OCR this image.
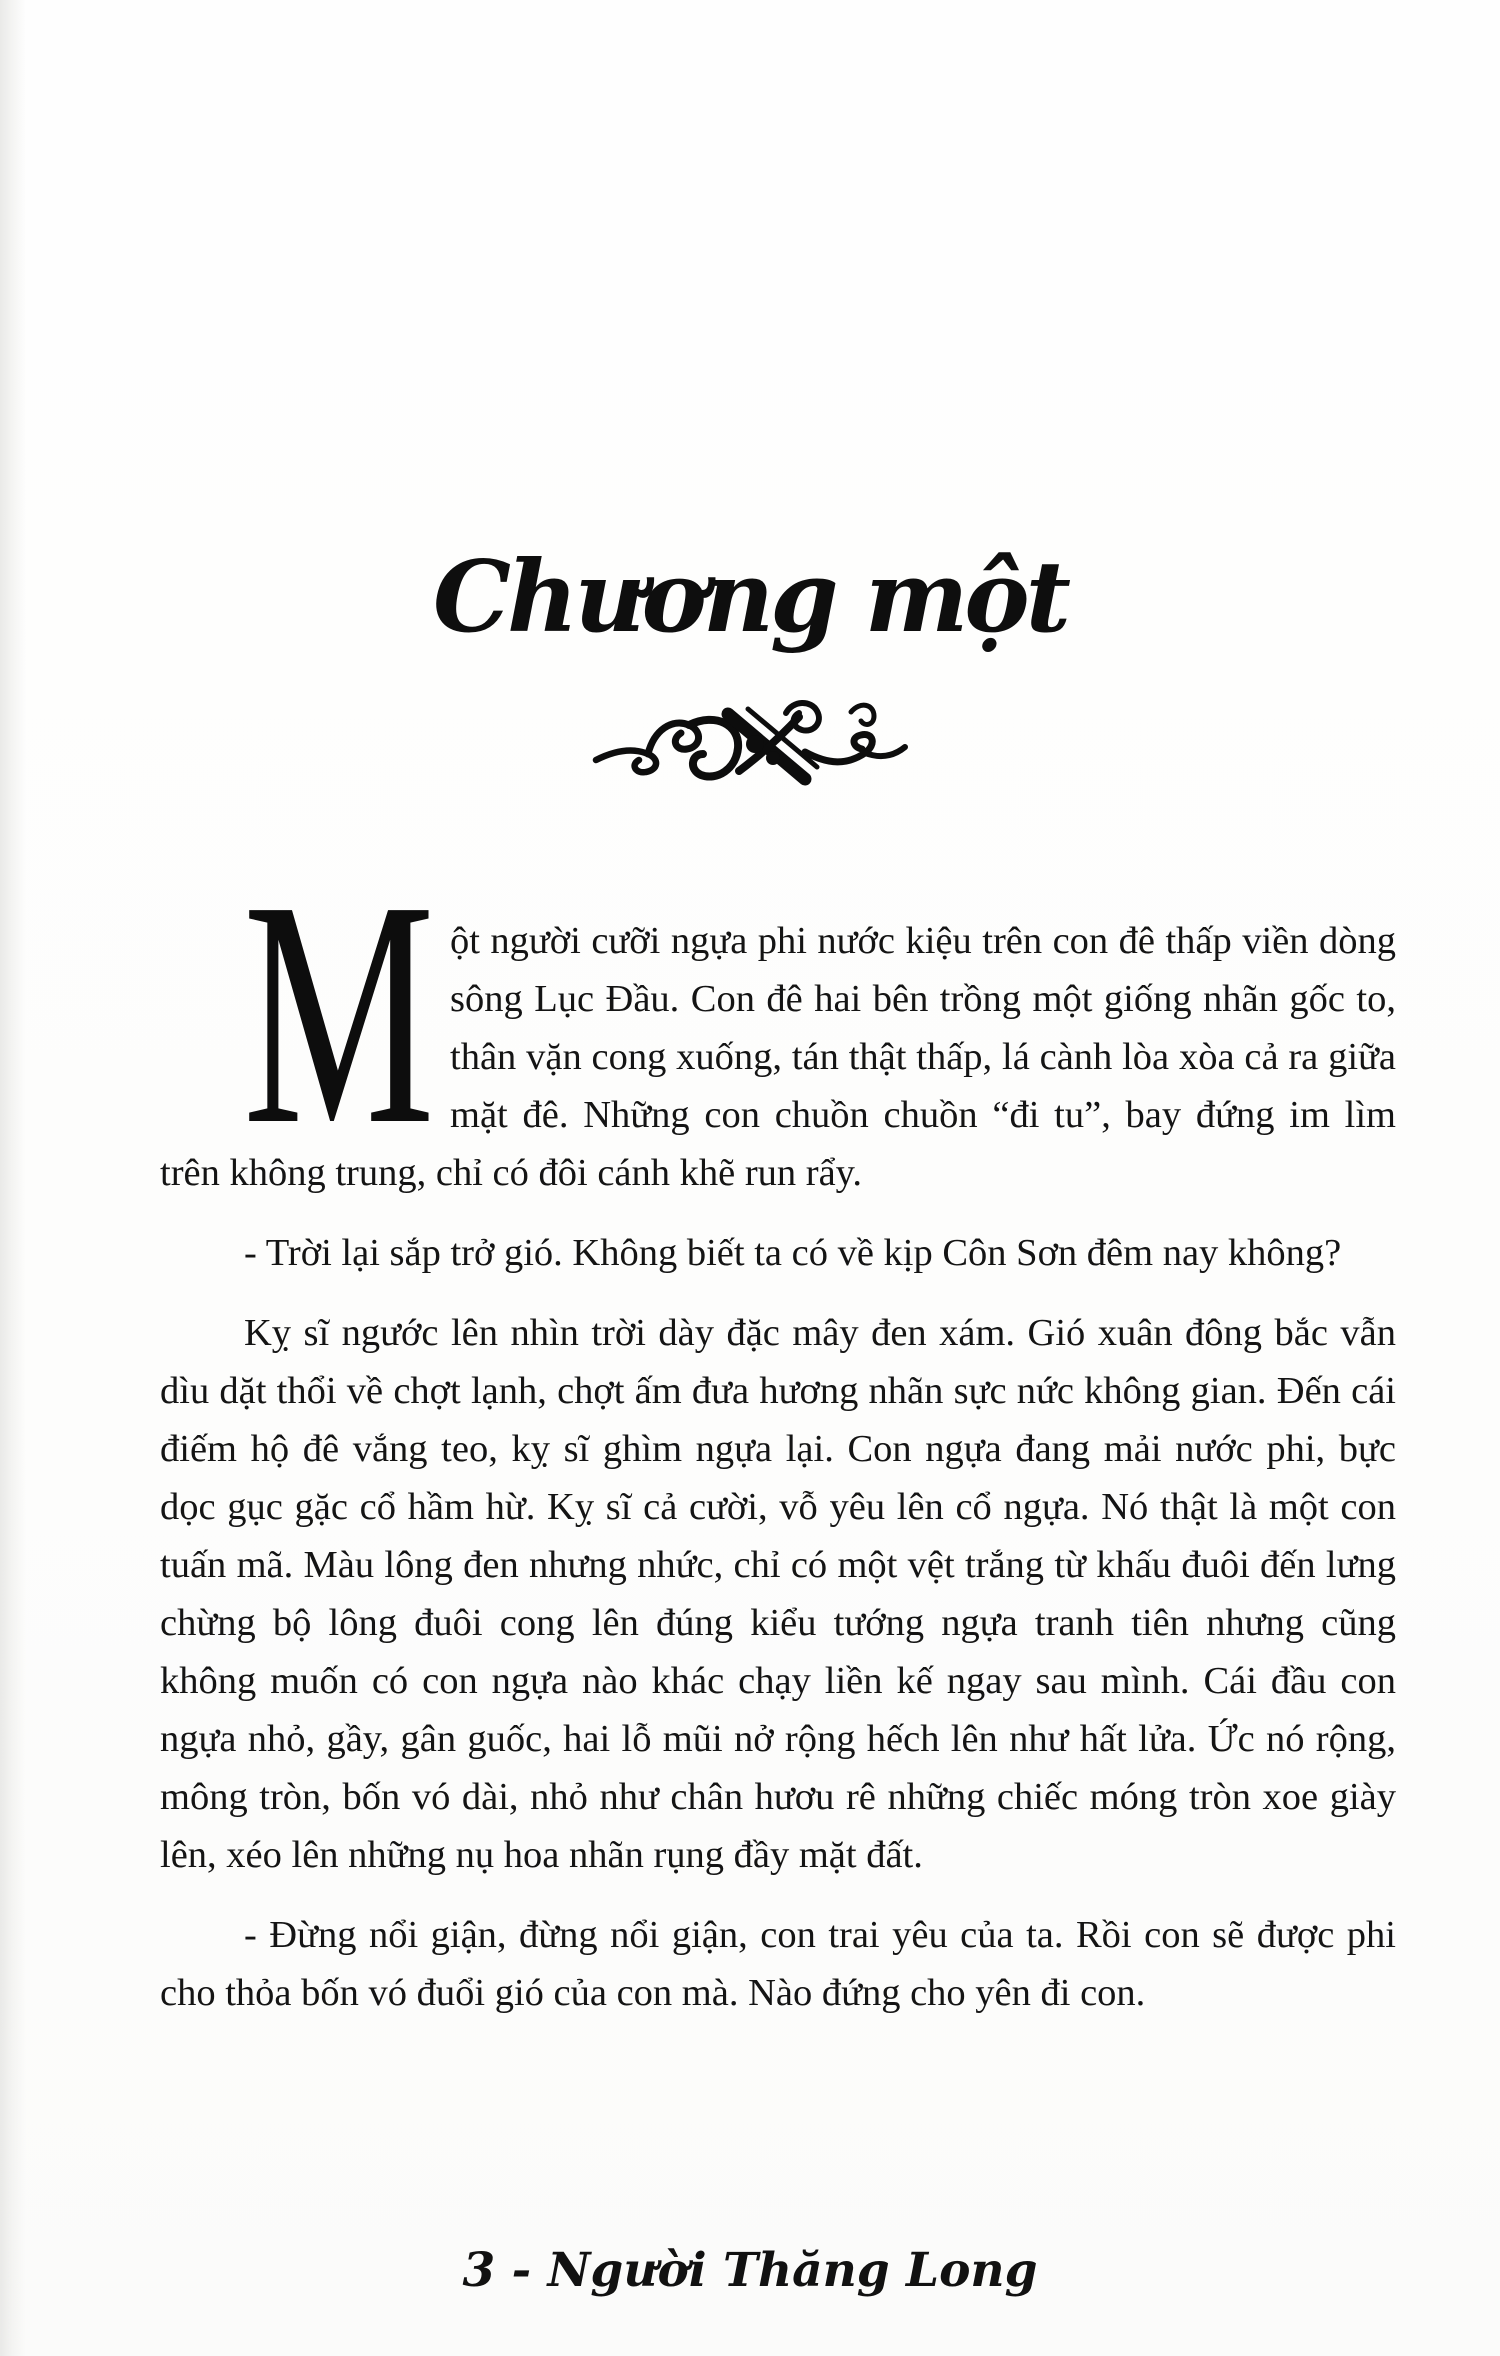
Chương một

M ột người cưỡi ngựa phi nước kiệu trên con đê thấp viền dòng sông Lục Đầu. Con đê hai bên trồng một giống nhãn gốc to, thân vặn cong xuống, tán thật thấp, lá cành lòa xòa cả ra giữa mặt đê. Những con chuồn chuồn “đi tu”, bay đứng im lìm trên không trung, chỉ có đôi cánh khẽ run rẩy.

- Trời lại sắp trở gió. Không biết ta có về kịp Côn Sơn đêm nay không?

Kỵ sĩ ngước lên nhìn trời dày đặc mây đen xám. Gió xuân đông bắc vẫn dìu dặt thổi về chợt lạnh, chợt ấm đưa hương nhãn sực nức không gian. Đến cái điếm hộ đê vắng teo, kỵ sĩ ghìm ngựa lại. Con ngựa đang mải nước phi, bực dọc gục gặc cổ hầm hừ. Kỵ sĩ cả cười, vỗ yêu lên cổ ngựa. Nó thật là một con tuấn mã. Màu lông đen nhưng nhức, chỉ có một vệt trắng từ khấu đuôi đến lưng chừng bộ lông đuôi cong lên đúng kiểu tướng ngựa tranh tiên nhưng cũng không muốn có con ngựa nào khác chạy liền kế ngay sau mình. Cái đầu con ngựa nhỏ, gầy, gân guốc, hai lỗ mũi nở rộng hếch lên như hất lửa. Ức nó rộng, mông tròn, bốn vó dài, nhỏ như chân hươu rê những chiếc móng tròn xoe giày lên, xéo lên những nụ hoa nhãn rụng đầy mặt đất.

- Đừng nổi giận, đừng nổi giận, con trai yêu của ta. Rồi con sẽ được phi cho thỏa bốn vó đuổi gió của con mà. Nào đứng cho yên đi con.

3 - Người Thăng Long
